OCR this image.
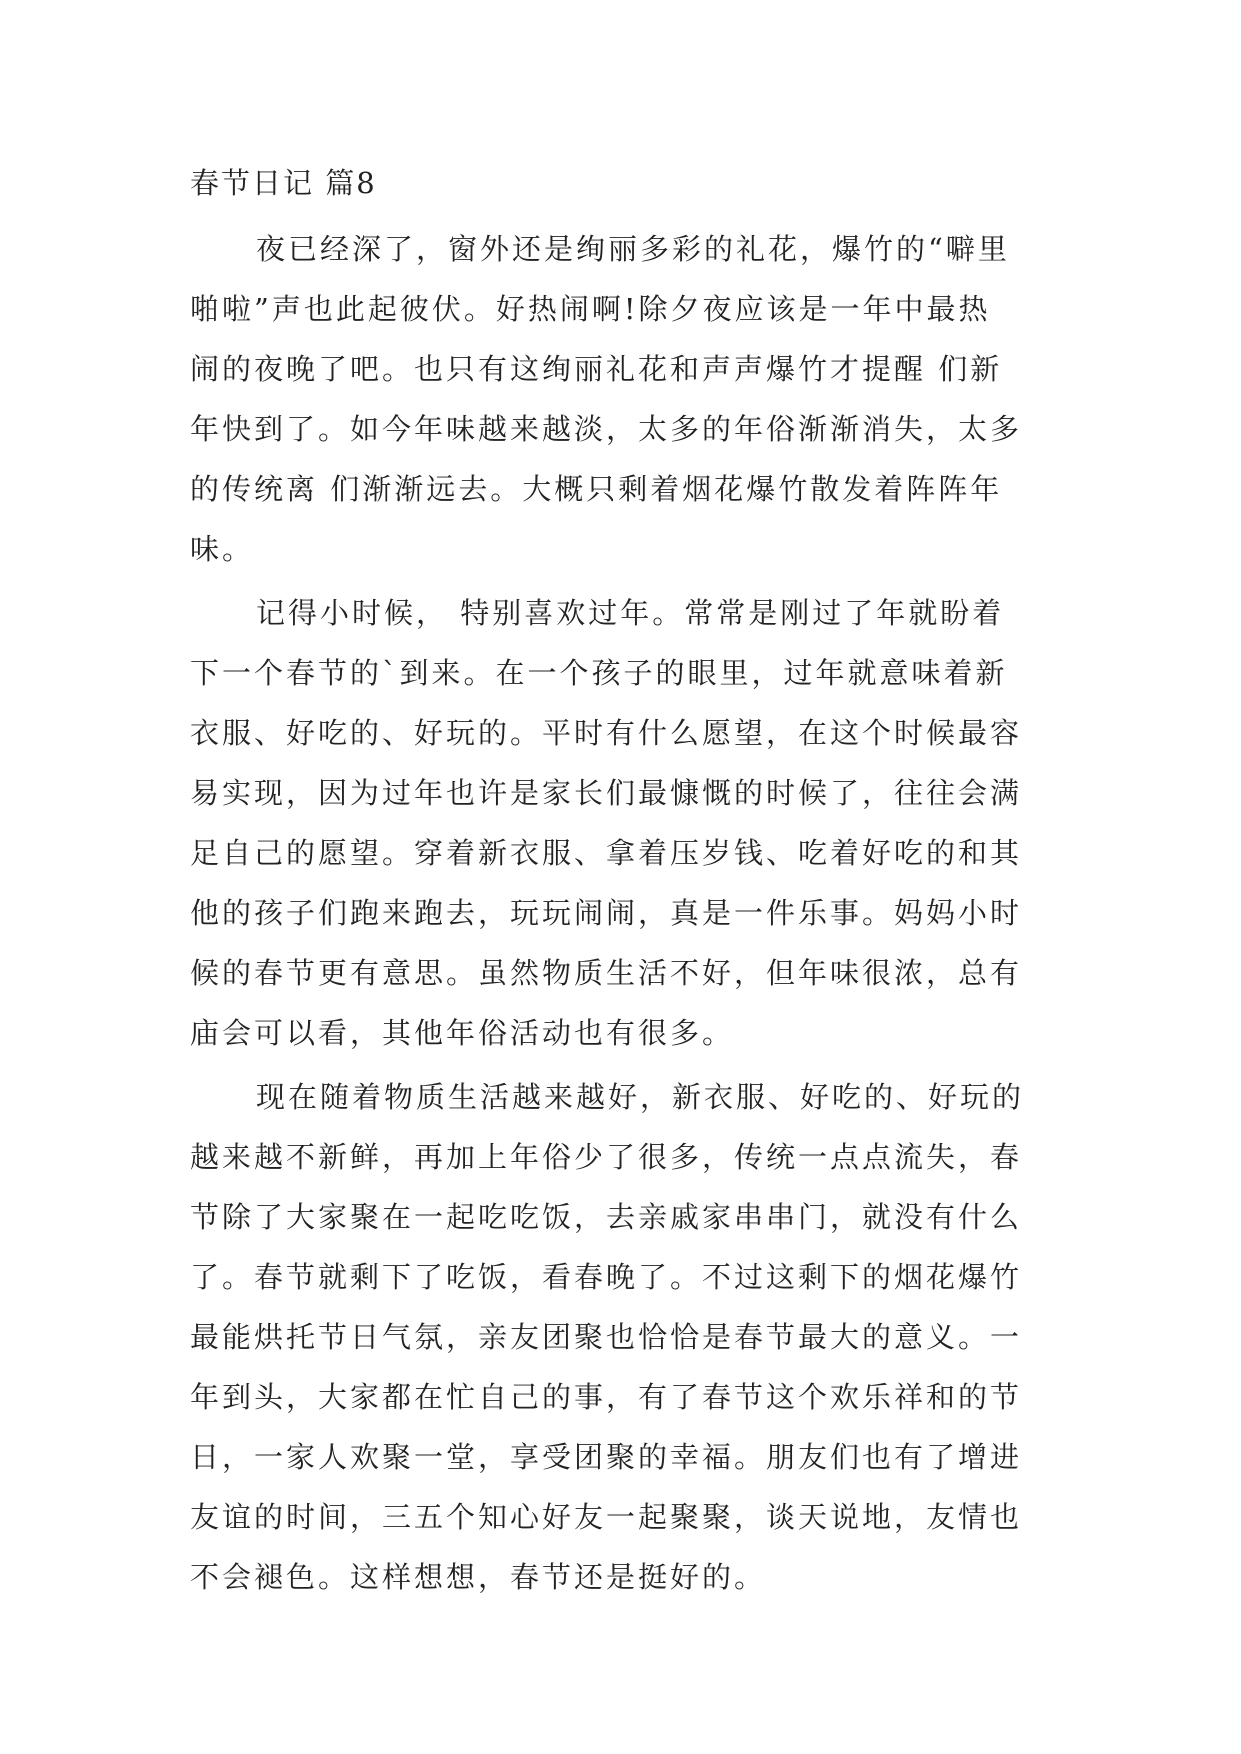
春节日记 篇8
夜已经深了，窗外还是绚丽多彩的礼花，爆竹的“噼里
啪啦”声也此起彼伏。好热闹啊!除夕夜应该是一年中最热
闹的夜晚了吧。也只有这绚丽礼花和声声爆竹才提醒 们新
年快到了。如今年味越来越淡，太多的年俗渐渐消失，太多
的传统离 们渐渐远去。大概只剩着烟花爆竹散发着阵阵年
味。
记得小时候， 特别喜欢过年。常常是刚过了年就盼着
下一个春节的`到来。在一个孩子的眼里，过年就意味着新
衣服、好吃的、好玩的。平时有什么愿望，在这个时候最容
易实现，因为过年也许是家长们最慷慨的时候了，往往会满
足自己的愿望。穿着新衣服、拿着压岁钱、吃着好吃的和其
他的孩子们跑来跑去，玩玩闹闹，真是一件乐事。妈妈小时
候的春节更有意思。虽然物质生活不好，但年味很浓，总有
庙会可以看，其他年俗活动也有很多。
现在随着物质生活越来越好，新衣服、好吃的、好玩的
越来越不新鲜，再加上年俗少了很多，传统一点点流失，春
节除了大家聚在一起吃吃饭，去亲戚家串串门，就没有什么
了。春节就剩下了吃饭，看春晚了。不过这剩下的烟花爆竹
最能烘托节日气氛，亲友团聚也恰恰是春节最大的意义。一
年到头，大家都在忙自己的事，有了春节这个欢乐祥和的节
日，一家人欢聚一堂，享受团聚的幸福。朋友们也有了增进
友谊的时间，三五个知心好友一起聚聚，谈天说地，友情也
不会褪色。这样想想，春节还是挺好的。
